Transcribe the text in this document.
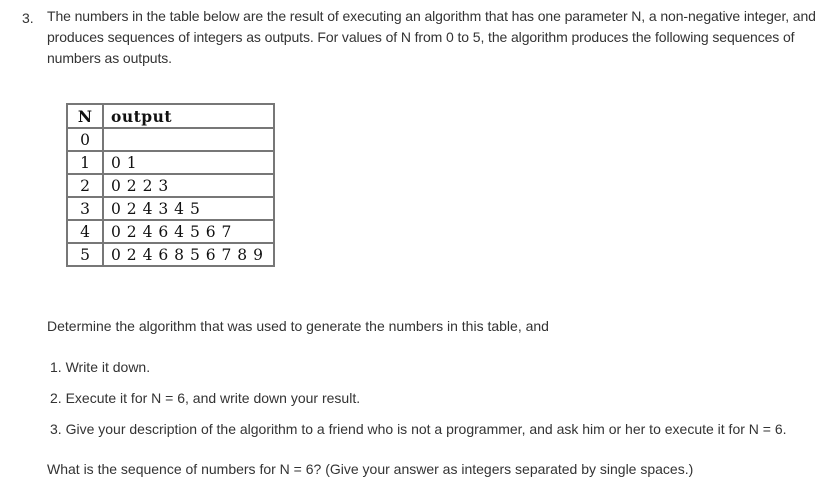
3. The numbers in the table below are the result of executing an algorithm that has one parameter N, a non-negative integer, and produces sequences of integers as outputs. For values of N from 0 to 5, the algorithm produces the following sequences of numbers as outputs.

N	output
0	
1	0 1
2	0 2 2 3
3	0 2 4 3 4 5
4	0 2 4 6 4 5 6 7
5	0 2 4 6 8 5 6 7 8 9

Determine the algorithm that was used to generate the numbers in this table, and

1. Write it down.
2. Execute it for N = 6, and write down your result.
3. Give your description of the algorithm to a friend who is not a programmer, and ask him or her to execute it for N = 6.

What is the sequence of numbers for N = 6? (Give your answer as integers separated by single spaces.)
